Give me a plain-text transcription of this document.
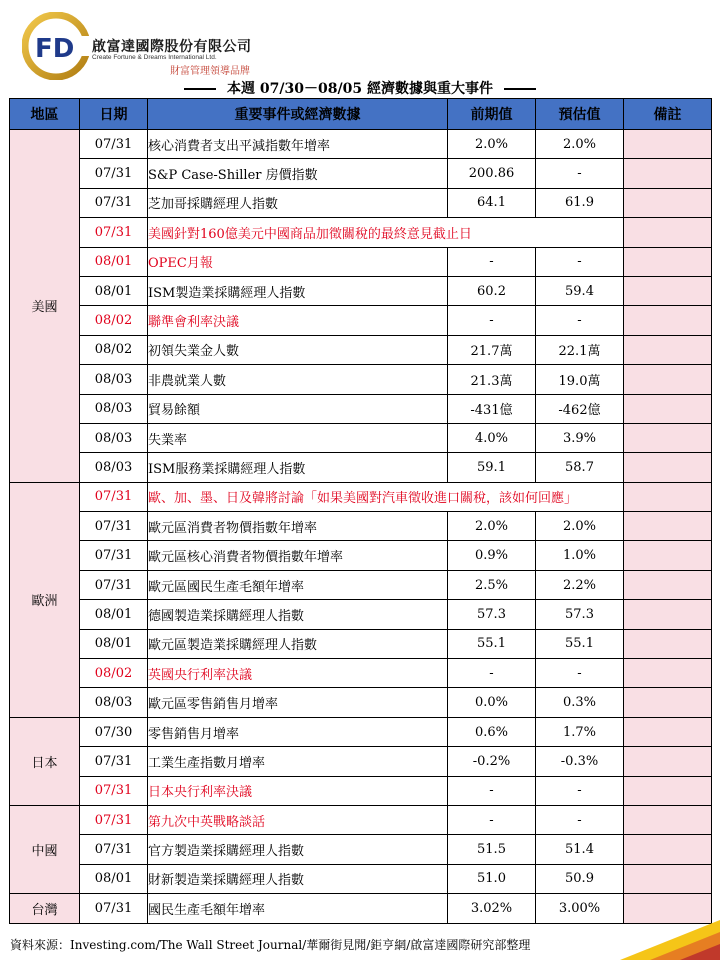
FD 啟富達國際股份有限公司
Create Fortune & Dreams International Ltd.
財富管理領導品牌
本週 07/30－08/05 經濟數據與重大事件
地區	日期	重要事件或經濟數據	前期值	預估值	備註
美國	07/31	核心消費者支出平減指數年增率	2.0%	2.0%	
	07/31	S&P Case-Shiller 房價指數	200.86	-	
	07/31	芝加哥採購經理人指數	64.1	61.9	
	07/31	美國針對160億美元中國商品加徵關稅的最終意見截止日			
	08/01	OPEC月報	-	-	
	08/01	ISM製造業採購經理人指數	60.2	59.4	
	08/02	聯準會利率決議	-	-	
	08/02	初領失業金人數	21.7萬	22.1萬	
	08/03	非農就業人數	21.3萬	19.0萬	
	08/03	貿易餘額	-431億	-462億	
	08/03	失業率	4.0%	3.9%	
	08/03	ISM服務業採購經理人指數	59.1	58.7	
歐洲	07/31	歐、加、墨、日及韓將討論「如果美國對汽車徵收進口關稅，該如何回應」			
	07/31	歐元區消費者物價指數年增率	2.0%	2.0%	
	07/31	歐元區核心消費者物價指數年增率	0.9%	1.0%	
	07/31	歐元區國民生產毛額年增率	2.5%	2.2%	
	08/01	德國製造業採購經理人指數	57.3	57.3	
	08/01	歐元區製造業採購經理人指數	55.1	55.1	
	08/02	英國央行利率決議	-	-	
	08/03	歐元區零售銷售月增率	0.0%	0.3%	
日本	07/30	零售銷售月增率	0.6%	1.7%	
	07/31	工業生產指數月增率	-0.2%	-0.3%	
	07/31	日本央行利率決議	-	-	
中國	07/31	第九次中英戰略談話	-	-	
	07/31	官方製造業採購經理人指數	51.5	51.4	
	08/01	財新製造業採購經理人指數	51.0	50.9	
台灣	07/31	國民生產毛額年增率	3.02%	3.00%	
資料來源：Investing.com/The Wall Street Journal/華爾街見聞/鉅亨網/啟富達國際研究部整理
